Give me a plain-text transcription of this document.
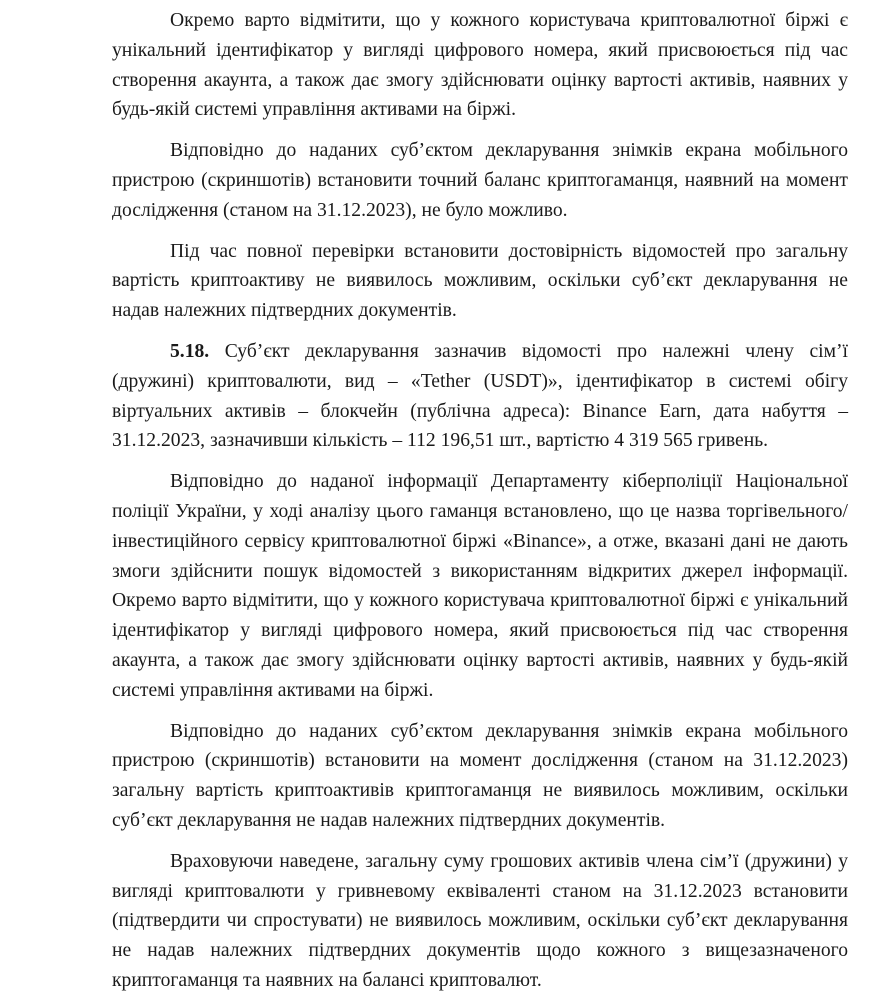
Окремо варто відмітити, що у кожного користувача криптовалютної біржі є унікальний ідентифікатор у вигляді цифрового номера, який присвоюється під час створення акаунта, а також дає змогу здійснювати оцінку вартості активів, наявних у будь-якій системі управління активами на біржі.

Відповідно до наданих суб’єктом декларування знімків екрана мобільного пристрою (скриншотів) встановити точний баланс криптогаманця, наявний на момент дослідження (станом на 31.12.2023), не було можливо.

Під час повної перевірки встановити достовірність відомостей про загальну вартість криптоактиву не виявилось можливим, оскільки суб’єкт декларування не надав належних підтвердних документів.

5.18. Суб’єкт декларування зазначив відомості про належні члену сім’ї (дружині) криптовалюти, вид – «Tether (USDT)», ідентифікатор в системі обігу віртуальних активів – блокчейн (публічна адреса): Binance Earn, дата набуття – 31.12.2023, зазначивши кількість – 112 196,51 шт., вартістю 4 319 565 гривень.

Відповідно до наданої інформації Департаменту кіберполіції Національної поліції України, у ході аналізу цього гаманця встановлено, що це назва торгівельного/інвестиційного сервісу криптовалютної біржі «Binance», а отже, вказані дані не дають змоги здійснити пошук відомостей з використанням відкритих джерел інформації. Окремо варто відмітити, що у кожного користувача криптовалютної біржі є унікальний ідентифікатор у вигляді цифрового номера, який присвоюється під час створення акаунта, а також дає змогу здійснювати оцінку вартості активів, наявних у будь-якій системі управління активами на біржі.

Відповідно до наданих суб’єктом декларування знімків екрана мобільного пристрою (скриншотів) встановити на момент дослідження (станом на 31.12.2023) загальну вартість криптоактивів криптогаманця не виявилось можливим, оскільки суб’єкт декларування не надав належних підтвердних документів.

Враховуючи наведене, загальну суму грошових активів члена сім’ї (дружини) у вигляді криптовалюти у гривневому еквіваленті станом на 31.12.2023 встановити (підтвердити чи спростувати) не виявилось можливим, оскільки суб’єкт декларування не надав належних підтвердних документів щодо кожного з вищезазначеного криптогаманця та наявних на балансі криптовалют.
